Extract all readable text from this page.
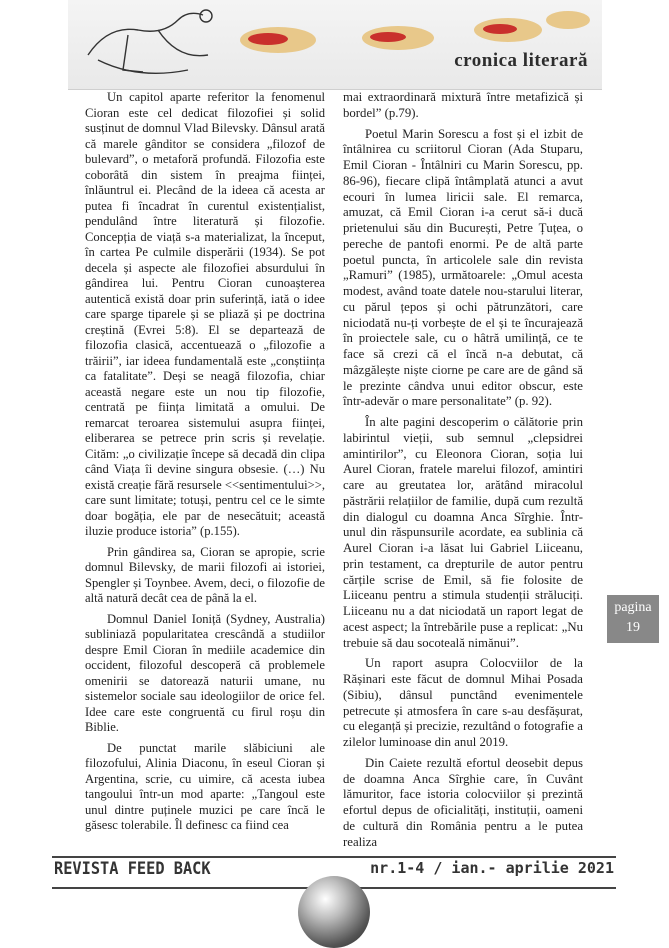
cronica literară

Un capitol aparte referitor la fenomenul Cioran este cel dedicat filozofiei și solid susținut de domnul Vlad Bilevsky. Dânsul arată că marele gânditor se considera „filozof de bulevard”, o metaforă profundă. Filozofia este coborâtă din sistem în preajma ființei, înlăuntrul ei. Plecând de la ideea că acesta ar putea fi încadrat în curentul existențialist, pendulând între literatură și filozofie. Concepția de viață s-a materializat, la început, în cartea Pe culmile disperării (1934). Se pot decela și aspecte ale filozofiei absurdului în gândirea lui. Pentru Cioran cunoașterea autentică există doar prin suferință, iată o idee care sparge tiparele și se pliază și pe doctrina creștină (Evrei 5:8). El se departează de filozofia clasică, accentuează o „filozofie a trăirii”, iar ideea fundamentală este „conștiința ca fatalitate”. Deși se neagă filozofia, chiar această negare este un nou tip filozofie, centrată pe ființa limitată a omului. De remarcat teroarea sistemului asupra ființei, eliberarea se petrece prin scris și revelație. Cităm: „o civilizație începe să decadă din clipa când Viața îi devine singura obsesie. (…) Nu există creație fără resursele <<sentimentului>>, care sunt limitate; totuși, pentru cel ce le simte doar bogăția, ele par de nesecătuit; această iluzie produce istoria” (p.155).

Prin gândirea sa, Cioran se apropie, scrie domnul Bilevsky, de marii filozofi ai istoriei, Spengler și Toynbee. Avem, deci, o filozofie de altă natură decât cea de până la el.

Domnul Daniel Ioniță (Sydney, Australia) subliniază popularitatea crescândă a studiilor despre Emil Cioran în mediile academice din occident, filozoful descoperă că problemele omenirii se datorează naturii umane, nu sistemelor sociale sau ideologiilor de orice fel. Idee care este congruentă cu firul roșu din Biblie.

De punctat marile slăbiciuni ale filozofului, Alinia Diaconu, în eseul Cioran și Argentina, scrie, cu uimire, că acesta iubea tangoului într-un mod aparte: „Tangoul este unul dintre puținele muzici pe care încă le găsesc tolerabile. Îl definesc ca fiind cea

mai extraordinară mixtură între metafizică și bordel” (p.79).

Poetul Marin Sorescu a fost și el izbit de întâlnirea cu scriitorul Cioran (Ada Stuparu, Emil Cioran - Întâlniri cu Marin Sorescu, pp. 86-96), fiecare clipă întâmplată atunci a avut ecouri în lumea liricii sale. El remarca, amuzat, că Emil Cioran i-a cerut să-i ducă prietenului său din București, Petre Țuțea, o pereche de pantofi enormi. Pe de altă parte poetul puncta, în articolele sale din revista „Ramuri” (1985), următoarele: „Omul acesta modest, având toate datele nou-starului literar, cu părul țepos și ochi pătrunzători, care niciodată nu-ți vorbește de el și te încurajează în proiectele sale, cu o hâtră umilință, ce te face să crezi că el încă n-a debutat, că mâzgălește niște ciorne pe care are de gând să le prezinte cândva unui editor obscur, este într-adevăr o mare personalitate” (p. 92).

În alte pagini descoperim o călătorie prin labirintul vieții, sub semnul „clepsidrei amintirilor”, cu Eleonora Cioran, soția lui Aurel Cioran, fratele marelui filozof, amintiri care au greutatea lor, arătând miracolul păstrării relațiilor de familie, după cum rezultă din dialogul cu doamna Anca Sîrghie. Într-unul din răspunsurile acordate, ea sublinia că Aurel Cioran i-a lăsat lui Gabriel Liiceanu, prin testament, ca drepturile de autor pentru cărțile scrise de Emil, să fie folosite de Liiceanu pentru a stimula studenții străluciți. Liiceanu nu a dat niciodată un raport legat de acest aspect; la întrebările puse a replicat: „Nu trebuie să dau socoteală nimănui”.

Un raport asupra Colocviilor de la Rășinari este făcut de domnul Mihai Posada (Sibiu), dânsul punctând evenimentele petrecute și atmosfera în care s-au desfășurat, cu eleganță și precizie, rezultând o fotografie a zilelor luminoase din anul 2019.

Din Caiete rezultă efortul deosebit depus de doamna Anca Sîrghie care, în Cuvânt lămuritor, face istoria colocviilor și prezintă efortul depus de oficialități, instituții, oameni de cultură din România pentru a le putea realiza

pagina
19
REVISTA FEED BACK	nr.1-4 / ian.- aprilie 2021
